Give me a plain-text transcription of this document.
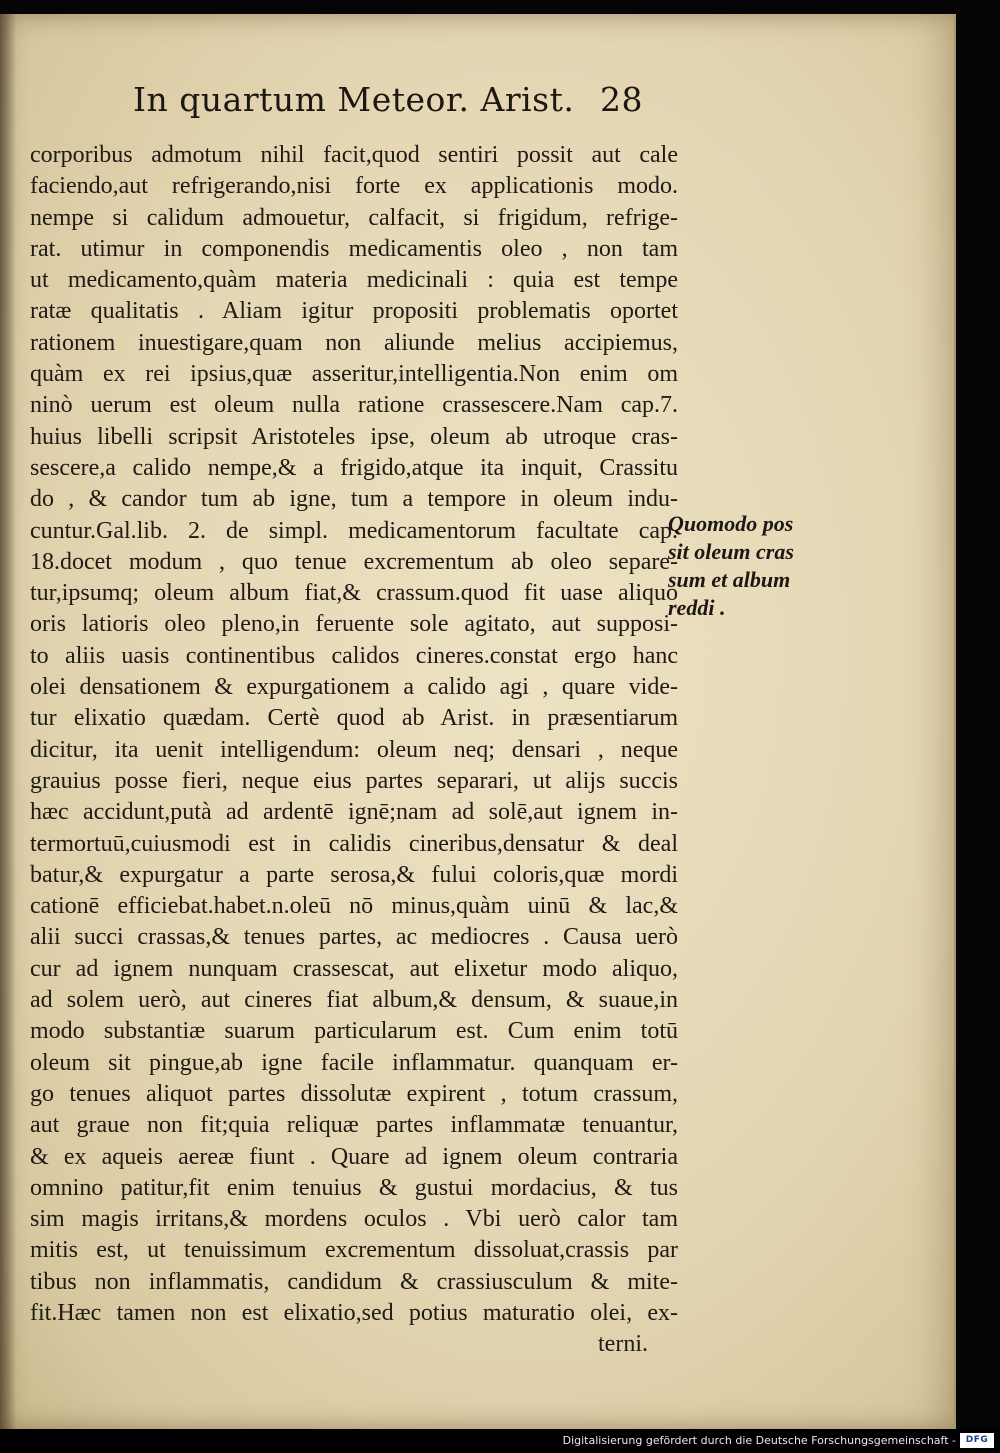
In quartum Meteor. Arist. 28
corporibus admotum nihil facit,quod sentiri possit aut cale
faciendo,aut refrigerando,nisi forte ex applicationis modo.
nempe si calidum admouetur, calfacit, si frigidum, refrige-
rat. utimur in componendis medicamentis oleo , non tam
ut medicamento,quàm materia medicinali : quia est tempe
ratæ qualitatis . Aliam igitur propositi problematis oportet
rationem inuestigare,quam non aliunde melius accipiemus,
quàm ex rei ipsius,quæ asseritur,intelligentia.Non enim om
ninò uerum est oleum nulla ratione crassescere.Nam cap.7.
huius libelli scripsit Aristoteles ipse, oleum ab utroque cras-
sescere,a calido nempe,& a frigido,atque ita inquit, Crassitu
do , & candor tum ab igne, tum a tempore in oleum indu-
cuntur.Gal.lib. 2. de simpl. medicamentorum facultate cap.
18.docet modum , quo tenue excrementum ab oleo separe-
tur,ipsumq; oleum album fiat,& crassum.quod fit uase aliquo
oris latioris oleo pleno,in feruente sole agitato, aut supposi-
to aliis uasis continentibus calidos cineres.constat ergo hanc
olei densationem & expurgationem a calido agi , quare vide-
tur elixatio quædam. Certè quod ab Arist. in præsentiarum
dicitur, ita uenit intelligendum: oleum neq; densari , neque
grauius posse fieri, neque eius partes separari, ut alijs succis
hæc accidunt,putà ad ardentē ignē;nam ad solē,aut ignem in-
termortuū,cuiusmodi est in calidis cineribus,densatur & deal
batur,& expurgatur a parte serosa,& fului coloris,quæ mordi
cationē efficiebat.habet.n.oleū nō minus,quàm uinū & lac,&
alii succi crassas,& tenues partes, ac mediocres . Causa uerò
cur ad ignem nunquam crassescat, aut elixetur modo aliquo,
ad solem uerò, aut cineres fiat album,& densum, & suaue,in
modo substantiæ suarum particularum est. Cum enim totū
oleum sit pingue,ab igne facile inflammatur. quanquam er-
go tenues aliquot partes dissolutæ expirent , totum crassum,
aut graue non fit;quia reliquæ partes inflammatæ tenuantur,
& ex aqueis aereæ fiunt . Quare ad ignem oleum contraria
omnino patitur,fit enim tenuius & gustui mordacius, & tus
sim magis irritans,& mordens oculos . Vbi uerò calor tam
mitis est, ut tenuissimum excrementum dissoluat,crassis par
tibus non inflammatis, candidum & crassiusculum & mite-
fit.Hæc tamen non est elixatio,sed potius maturatio olei, ex-
terni.
Quomodo pos
sit oleum cras
sum et album
reddi .
Digitalisierung gefördert durch die Deutsche Forschungsgemeinschaft -	DFG
